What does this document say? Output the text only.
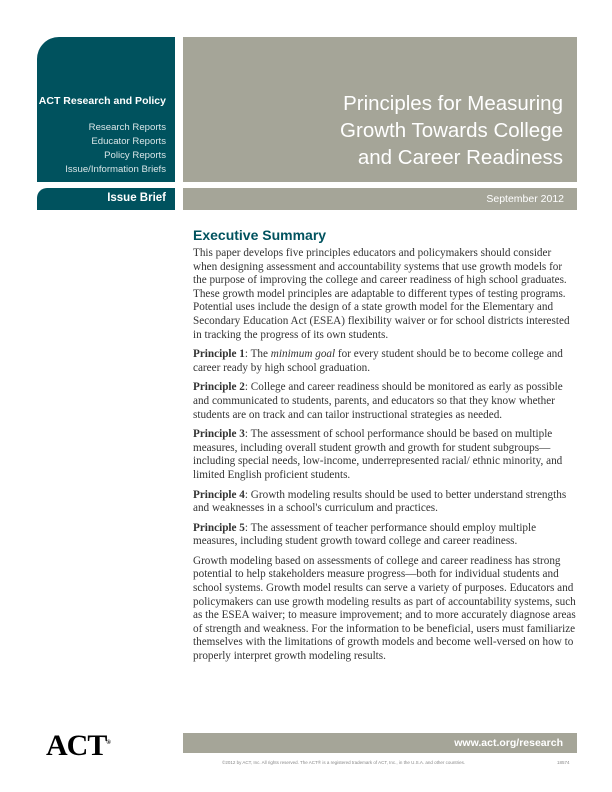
ACT Research and Policy
Research Reports
Educator Reports
Policy Reports
Issue/Information Briefs
Principles for Measuring
Growth Towards College
and Career Readiness
Issue Brief	September 2012
Executive Summary

This paper develops five principles educators and policymakers should consider when designing assessment and accountability systems that use growth models for the purpose of improving the college and career readiness of high school graduates. These growth model principles are adaptable to different types of testing programs. Potential uses include the design of a state growth model for the Elementary and Secondary Education Act (ESEA) flexibility waiver or for school districts interested in tracking the progress of its own students.

Principle 1: The minimum goal for every student should be to become college and career ready by high school graduation.

Principle 2: College and career readiness should be monitored as early as possible and communicated to students, parents, and educators so that they know whether students are on track and can tailor instructional strategies as needed.

Principle 3: The assessment of school performance should be based on multiple measures, including overall student growth and growth for student subgroups—including special needs, low-income, underrepresented racial/ ethnic minority, and limited English proficient students.

Principle 4: Growth modeling results should be used to better understand strengths and weaknesses in a school's curriculum and practices.

Principle 5: The assessment of teacher performance should employ multiple measures, including student growth toward college and career readiness.

Growth modeling based on assessments of college and career readiness has strong potential to help stakeholders measure progress—both for individual students and school systems. Growth model results can serve a variety of purposes. Educators and policymakers can use growth modeling results as part of accountability systems, such as the ESEA waiver; to measure improvement; and to more accurately diagnose areas of strength and weakness. For the information to be beneficial, users must familiarize themselves with the limitations of growth models and become well-versed on how to properly interpret growth modeling results.

ACT®	www.act.org/research
©2012 by ACT, Inc. All rights reserved. The ACT® is a registered trademark of ACT, Inc., in the U.S.A. and other countries.	18574
